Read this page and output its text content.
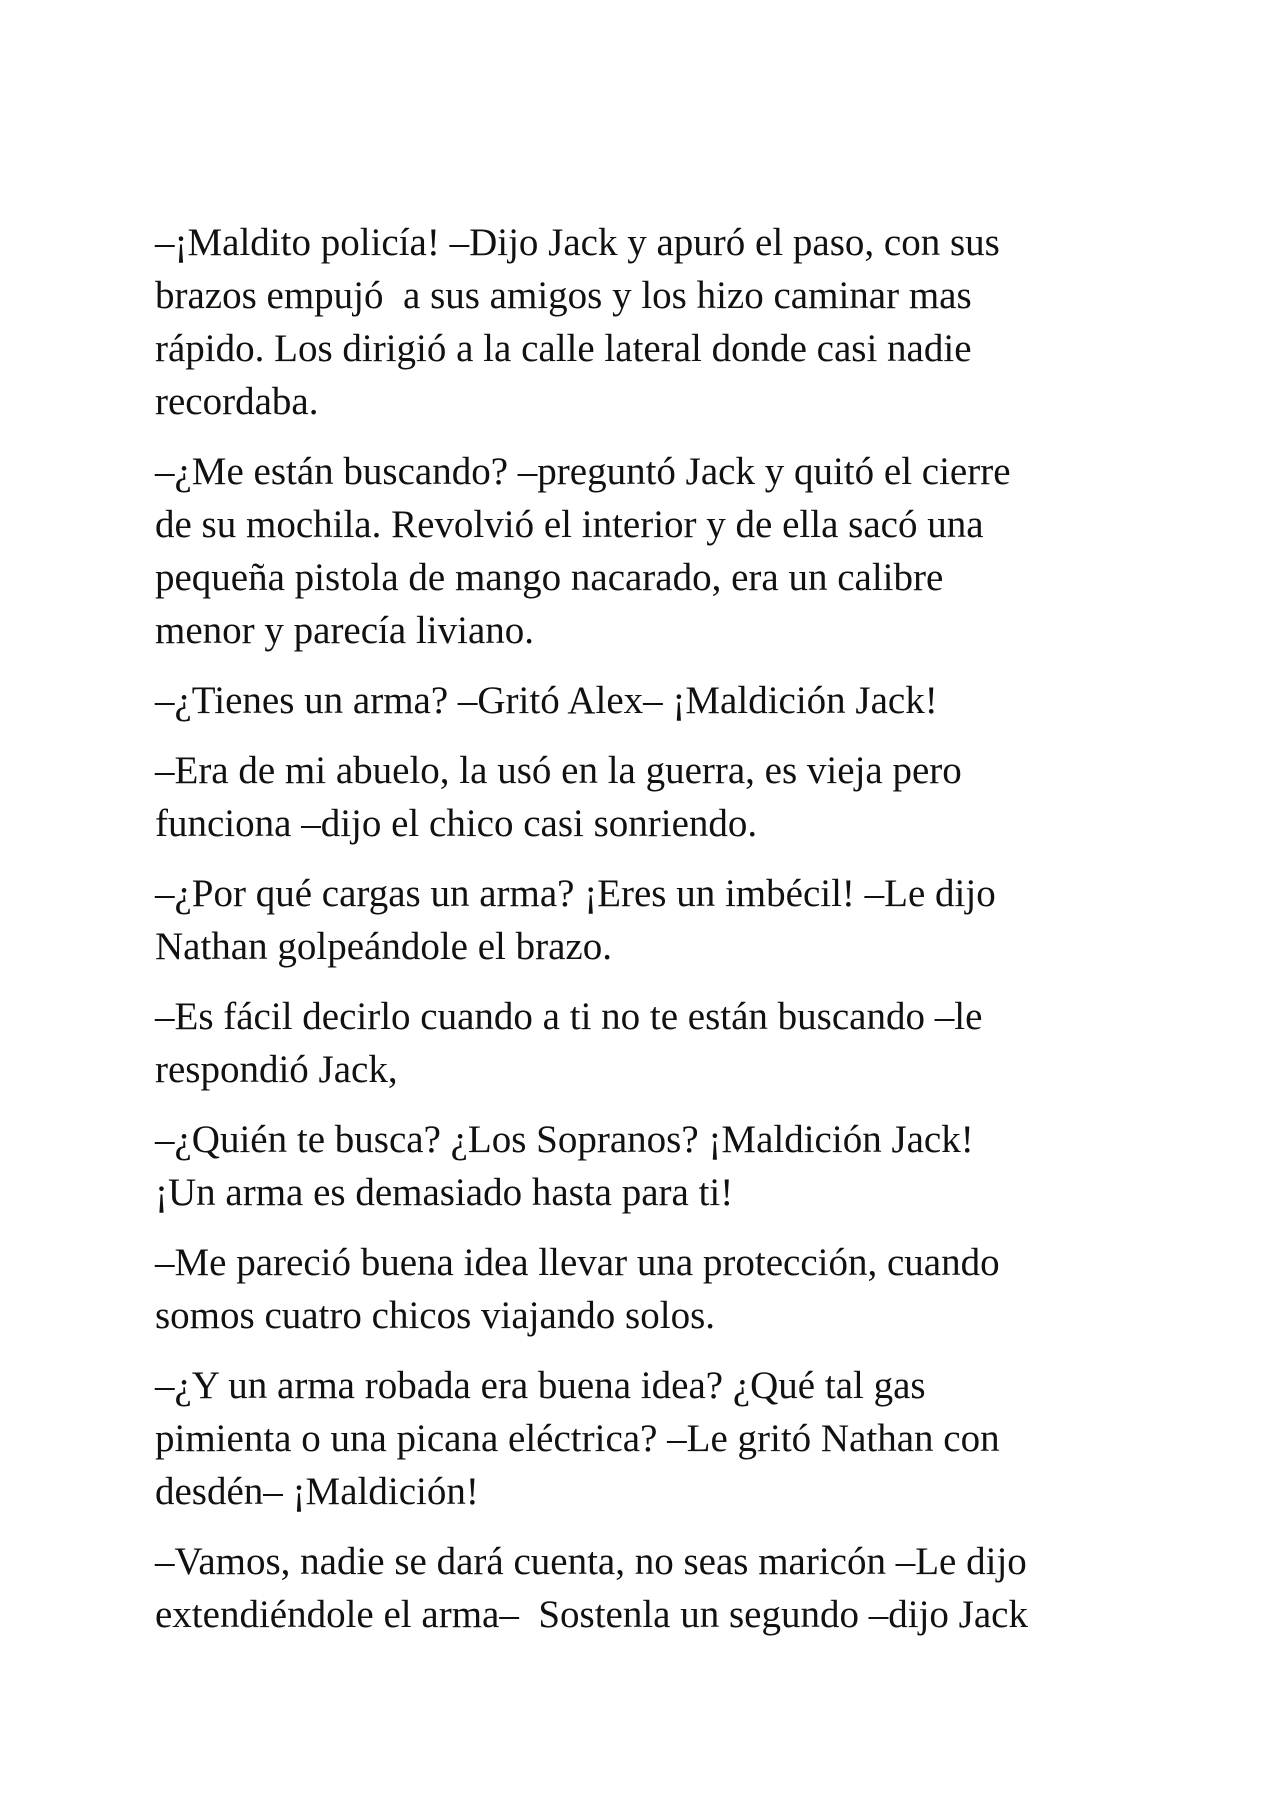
–¡Maldito policía! –Dijo Jack y apuró el paso, con sus
brazos empujó  a sus amigos y los hizo caminar mas
rápido. Los dirigió a la calle lateral donde casi nadie
recordaba.

–¿Me están buscando? –preguntó Jack y quitó el cierre
de su mochila. Revolvió el interior y de ella sacó una
pequeña pistola de mango nacarado, era un calibre
menor y parecía liviano.

–¿Tienes un arma? –Gritó Alex– ¡Maldición Jack!

–Era de mi abuelo, la usó en la guerra, es vieja pero
funciona –dijo el chico casi sonriendo.

–¿Por qué cargas un arma? ¡Eres un imbécil! –Le dijo
Nathan golpeándole el brazo.

–Es fácil decirlo cuando a ti no te están buscando –le
respondió Jack,

–¿Quién te busca? ¿Los Sopranos? ¡Maldición Jack!
¡Un arma es demasiado hasta para ti!

–Me pareció buena idea llevar una protección, cuando
somos cuatro chicos viajando solos.

–¿Y un arma robada era buena idea? ¿Qué tal gas
pimienta o una picana eléctrica? –Le gritó Nathan con
desdén– ¡Maldición!

–Vamos, nadie se dará cuenta, no seas maricón –Le dijo
extendiéndole el arma–  Sostenla un segundo –dijo Jack
